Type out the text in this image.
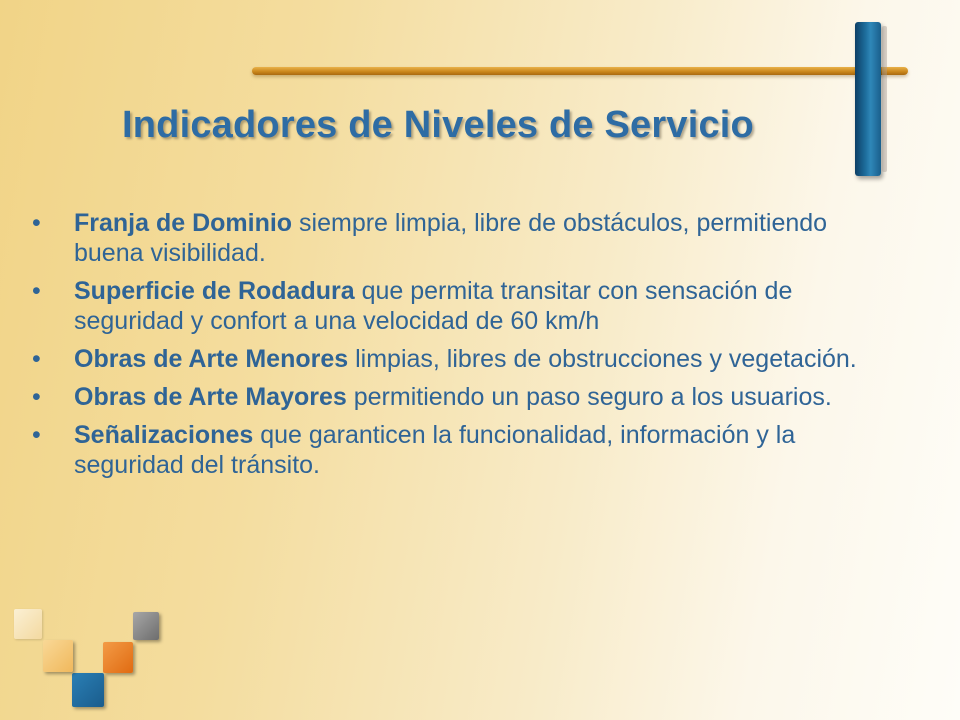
Indicadores de Niveles de Servicio
• Franja de Dominio siempre limpia, libre de obstáculos, permitiendo buena visibilidad.
• Superficie de Rodadura que permita transitar con sensación de seguridad y confort a una velocidad de 60 km/h
• Obras de Arte Menores limpias, libres de obstrucciones y vegetación.
• Obras de Arte Mayores permitiendo un paso seguro a los usuarios.
• Señalizaciones que garanticen la funcionalidad, información y la seguridad del tránsito.
